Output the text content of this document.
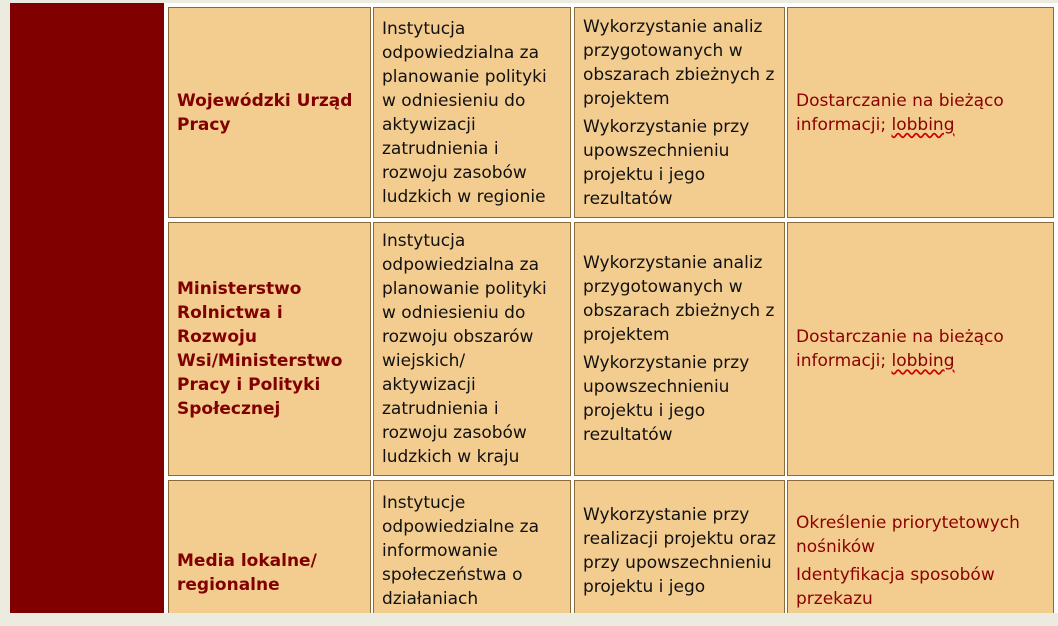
Wojewódzki Urząd Pracy

Instytucja odpowiedzialna za planowanie polityki w odniesieniu do aktywizacji zatrudnienia i rozwoju zasobów ludzkich w regionie

Wykorzystanie analiz przygotowanych w obszarach zbieżnych z projektem

Wykorzystanie przy upowszechnieniu projektu i jego rezultatów

Dostarczanie na bieżąco informacji; lobbing

Ministerstwo Rolnictwa i Rozwoju Wsi/Ministerstwo Pracy i Polityki Społecznej

Instytucja odpowiedzialna za planowanie polityki w odniesieniu do rozwoju obszarów wiejskich/ aktywizacji zatrudnienia i rozwoju zasobów ludzkich w kraju

Wykorzystanie analiz przygotowanych w obszarach zbieżnych z projektem

Wykorzystanie przy upowszechnieniu projektu i jego rezultatów

Dostarczanie na bieżąco informacji; lobbing

Media lokalne/ regionalne

Instytucje odpowiedzialne za informowanie społeczeństwa o działaniach

Wykorzystanie przy realizacji projektu oraz przy upowszechnieniu projektu i jego

Określenie priorytetowych nośników

Identyfikacja sposobów przekazu
